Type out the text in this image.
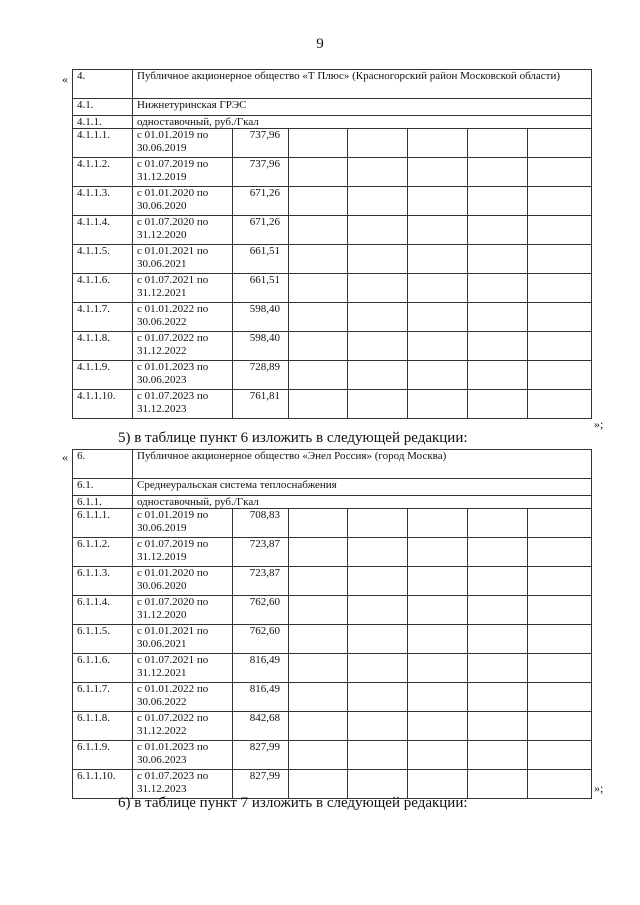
9
« 4.	Публичное акционерное общество «Т Плюс» (Красногорский район Московской области)						
4.1.	Нижнетуринская ГРЭС						
4.1.1.	одноставочный, руб./Гкал						
4.1.1.1.	с 01.01.2019 по 30.06.2019	737,96					
4.1.1.2.	с 01.07.2019 по 31.12.2019	737,96					
4.1.1.3.	с 01.01.2020 по 30.06.2020	671,26					
4.1.1.4.	с 01.07.2020 по 31.12.2020	671,26					
4.1.1.5.	с 01.01.2021 по 30.06.2021	661,51					
4.1.1.6.	с 01.07.2021 по 31.12.2021	661,51					
4.1.1.7.	с 01.01.2022 по 30.06.2022	598,40					
4.1.1.8.	с 01.07.2022 по 31.12.2022	598,40					
4.1.1.9.	с 01.01.2023 по 30.06.2023	728,89					
4.1.1.10.	с 01.07.2023 по 31.12.2023	761,81					
»;
5) в таблице пункт 6 изложить в следующей редакции:
« 6.	Публичное акционерное общество «Энел Россия» (город Москва)						
6.1.	Среднеуральская система теплоснабжения						
6.1.1.	одноставочный, руб./Гкал						
6.1.1.1.	с 01.01.2019 по 30.06.2019	708,83					
6.1.1.2.	с 01.07.2019 по 31.12.2019	723,87					
6.1.1.3.	с 01.01.2020 по 30.06.2020	723,87					
6.1.1.4.	с 01.07.2020 по 31.12.2020	762,60					
6.1.1.5.	с 01.01.2021 по 30.06.2021	762,60					
6.1.1.6.	с 01.07.2021 по 31.12.2021	816,49					
6.1.1.7.	с 01.01.2022 по 30.06.2022	816,49					
6.1.1.8.	с 01.07.2022 по 31.12.2022	842,68					
6.1.1.9.	с 01.01.2023 по 30.06.2023	827,99					
6.1.1.10.	с 01.07.2023 по 31.12.2023	827,99					
»;
6) в таблице пункт 7 изложить в следующей редакции:
